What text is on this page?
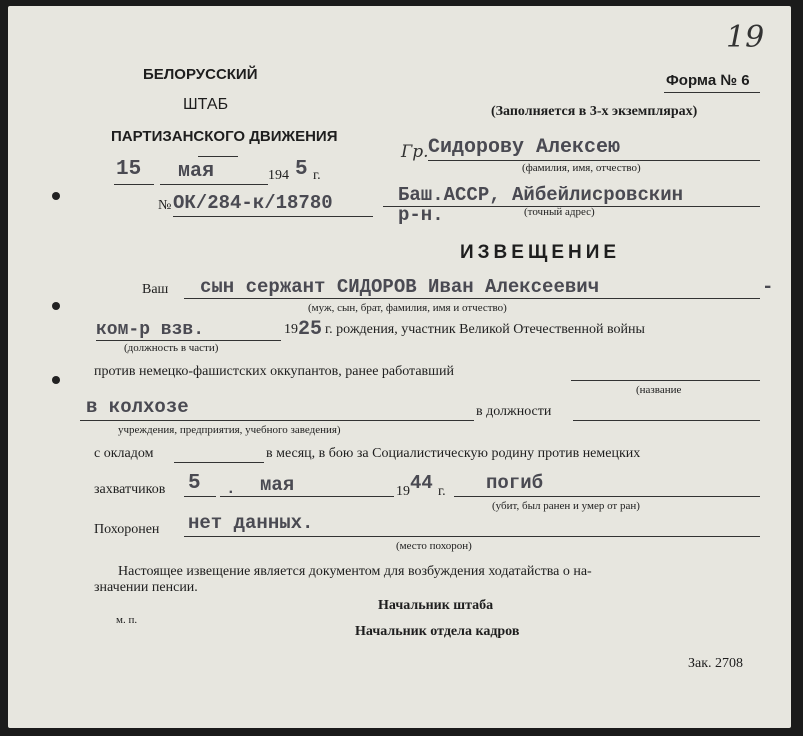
БЕЛОРУССКИЙ
ШТАБ
ПАРТИЗАНСКОГО ДВИЖЕНИЯ
19
Форма № 6
(Заполняется в 3-х экземплярах)
15 мая	194 5 г.
№ ОК/284-к/18780
Гр. Сидорову Алексею
(фамилия, имя, отчество)
Баш.АССР, Айбейлисровскин
р-н.	(точный адрес)
ИЗВЕЩЕНИЕ
Ваш сын сержант СИДОРОВ Иван Алексеевич	-
(муж, сын, брат, фамилия, имя и отчество)
ком-р взв.
(должность в части)
19 25 г. рождения, участник Великой Отечественной войны
против немецко-фашистских оккупантов, ранее работавший
(название
в колхозе	в должности
учреждения, предприятия, учебного заведения)
с окладом	в месяц, в бою за Социалистическую родину против немецких
захватчиков 5 . мая	19 44 г. погиб
(убит, был ранен и умер от ран)
Похоронен нет данных.
(место похорон)
Настоящее извещение является документом для возбуждения ходатайства о на-
значении пенсии.
Начальник штаба
м. п.
Начальник отдела кадров
Зак. 2708
